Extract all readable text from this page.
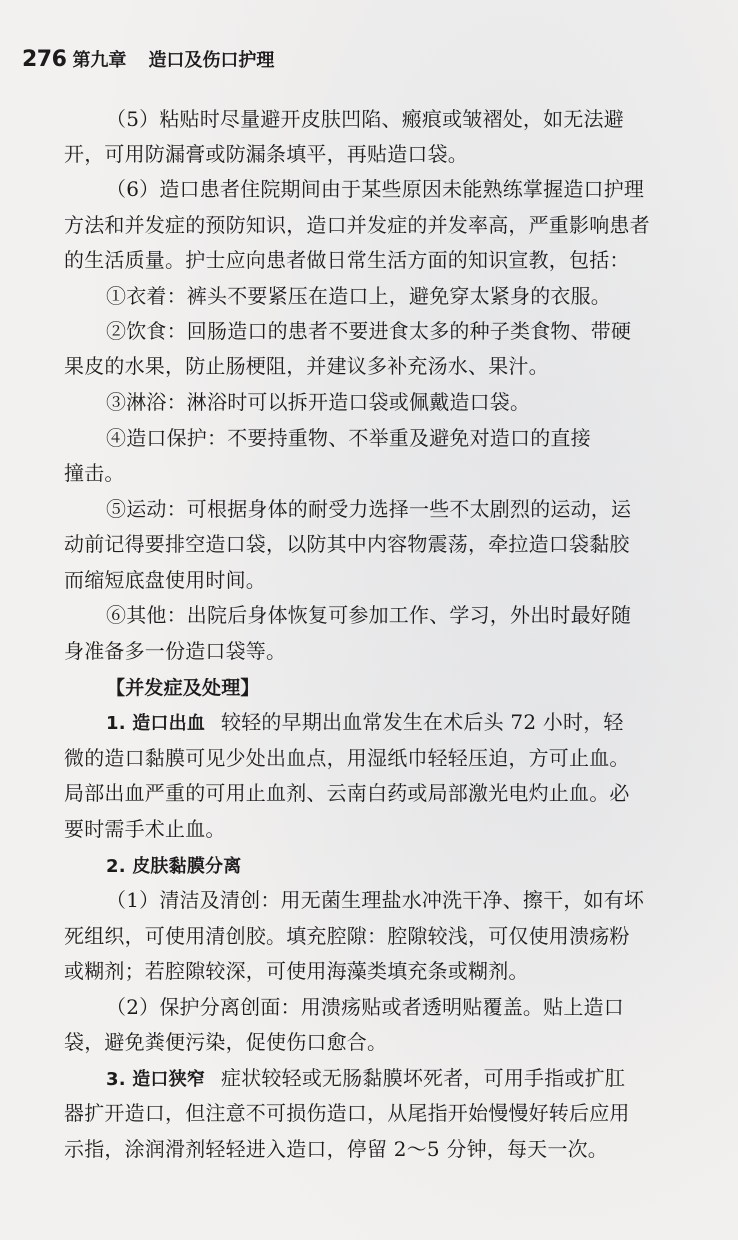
276 第九章 造口及伤口护理
（5）粘贴时尽量避开皮肤凹陷、瘢痕或皱褶处，如无法避
开，可用防漏膏或防漏条填平，再贴造口袋。
（6）造口患者住院期间由于某些原因未能熟练掌握造口护理
方法和并发症的预防知识，造口并发症的并发率高，严重影响患者
的生活质量。护士应向患者做日常生活方面的知识宣教，包括：
①衣着：裤头不要紧压在造口上，避免穿太紧身的衣服。
②饮食：回肠造口的患者不要进食太多的种子类食物、带硬
果皮的水果，防止肠梗阻，并建议多补充汤水、果汁。
③淋浴：淋浴时可以拆开造口袋或佩戴造口袋。
④造口保护：不要持重物、不举重及避免对造口的直接
撞击。
⑤运动：可根据身体的耐受力选择一些不太剧烈的运动，运
动前记得要排空造口袋，以防其中内容物震荡，牵拉造口袋黏胶
而缩短底盘使用时间。
⑥其他：出院后身体恢复可参加工作、学习，外出时最好随
身准备多一份造口袋等。
【并发症及处理】
1. 造口出血 较轻的早期出血常发生在术后头 72 小时，轻
微的造口黏膜可见少处出血点，用湿纸巾轻轻压迫，方可止血。
局部出血严重的可用止血剂、云南白药或局部激光电灼止血。必
要时需手术止血。
2. 皮肤黏膜分离
（1）清洁及清创：用无菌生理盐水冲洗干净、擦干，如有坏
死组织，可使用清创胶。填充腔隙：腔隙较浅，可仅使用溃疡粉
或糊剂；若腔隙较深，可使用海藻类填充条或糊剂。
（2）保护分离创面：用溃疡贴或者透明贴覆盖。贴上造口
袋，避免粪便污染，促使伤口愈合。
3. 造口狭窄 症状较轻或无肠黏膜坏死者，可用手指或扩肛
器扩开造口，但注意不可损伤造口，从尾指开始慢慢好转后应用
示指，涂润滑剂轻轻进入造口，停留 2～5 分钟，每天一次。
